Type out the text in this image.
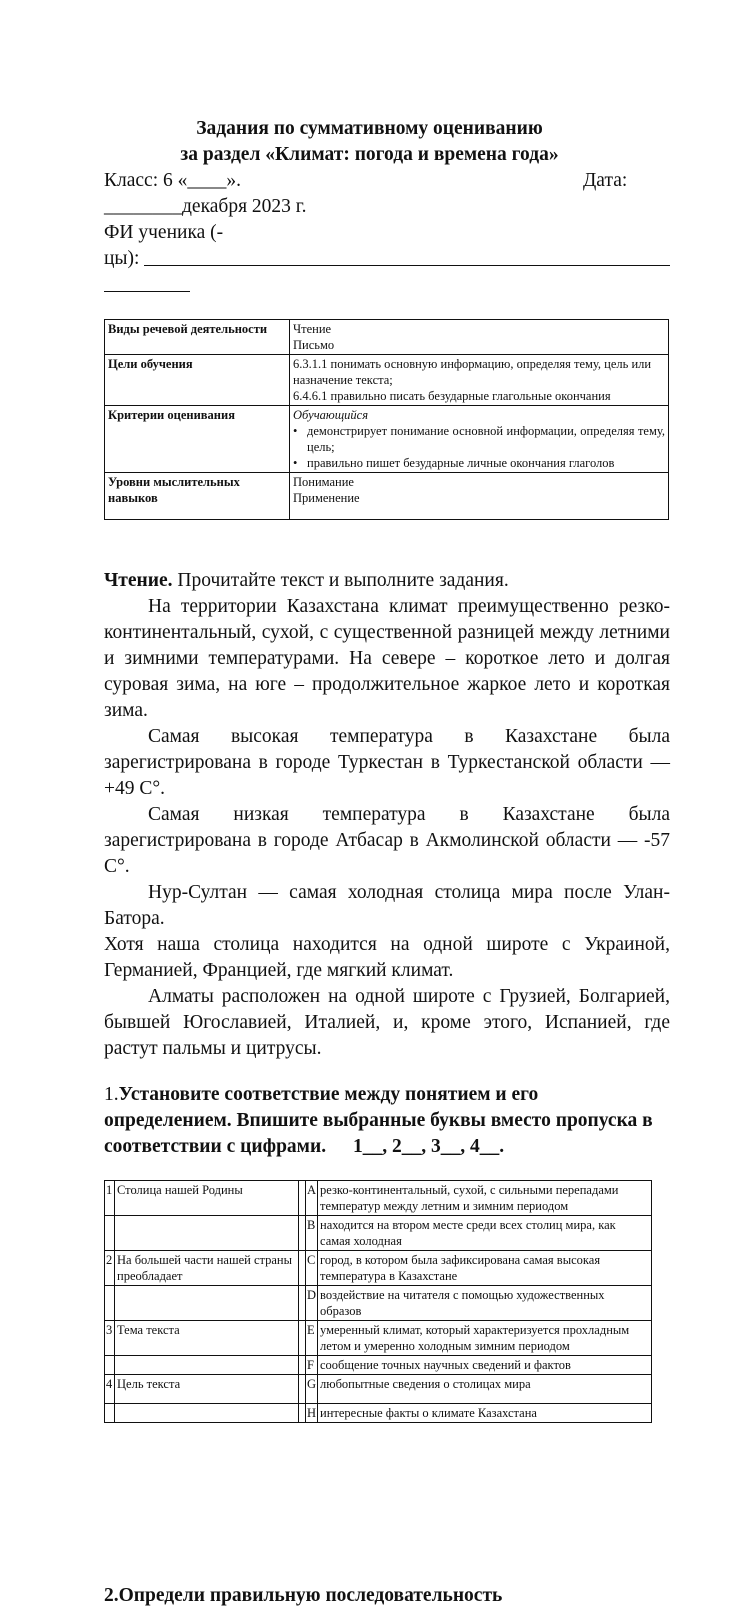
Задания по суммативному оцениванию
за раздел «Климат: погода и времена года»
Класс: 6 «____».	Дата:
________декабря 2023 г.
ФИ ученика (-
цы):
Виды речевой деятельности	Чтение
Письмо

Цели обучения	6.3.1.1 понимать основную информацию, определяя тему, цель или назначение текста;
6.4.6.1 правильно писать безударные глагольные окончания

Критерии оценивания	Обучающийся
• демонстрирует понимание основной информации, определяя тему, цель;
• правильно пишет безударные личные окончания глаголов

Уровни мыслительных навыков	Понимание
Применение
Чтение. Прочитайте текст и выполните задания.
На территории Казахстана климат преимущественно резко-континентальный, сухой, с существенной разницей между летними и зимними температурами. На севере – короткое лето и долгая суровая зима, на юге – продолжительное жаркое лето и короткая зима.
Самая высокая температура в Казахстане была зарегистрирована в городе Туркестан в Туркестанской области — +49 С°.
Самая низкая температура в Казахстане была зарегистрирована в городе Атбасар в Акмолинской области — -57 С°.
Нур-Султан — самая холодная столица мира после Улан-Батора.
Хотя наша столица находится на одной широте с Украиной, Германией, Францией, где мягкий климат.
Алматы расположен на одной широте с Грузией, Болгарией, бывшей Югославией, Италией, и, кроме этого, Испанией, где растут пальмы и цитрусы.
1.Установите соответствие между понятием и его определением. Впишите выбранные буквы вместо пропуска в соответствии с цифрами. 1__, 2__, 3__, 4__.
1	Столица нашей Родины		A	резко-континентальный, сухой, с сильными перепадами температур между летним и зимним периодом
			B	находится на втором месте среди всех столиц мира, как самая холодная
2	На большей части нашей страны преобладает		C	город, в котором была зафиксирована самая высокая температура в Казахстане
			D	воздействие на читателя с помощью художественных образов
3	Тема текста		E	умеренный климат, который характеризуется прохладным летом и умеренно холодным зимним периодом
			F	сообщение точных научных сведений и фактов
4	Цель текста		G	любопытные сведения о столицах мира
			H	интересные факты о климате Казахстана
2.Определи правильную последовательность
